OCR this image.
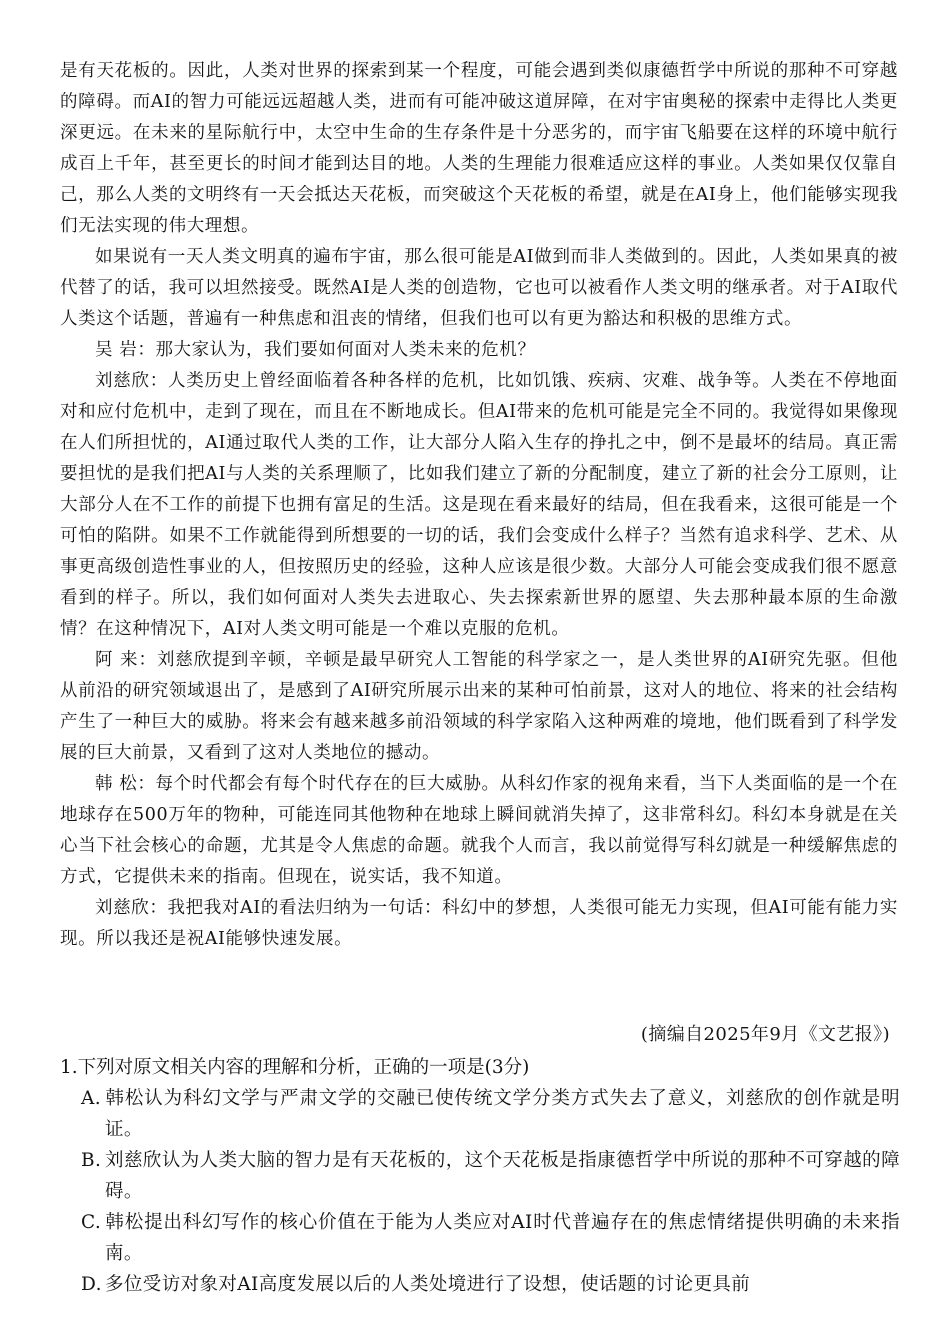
是有天花板的。因此，人类对世界的探索到某一个程度，可能会遇到类似康德哲学中所说的那种不可穿越的障碍。而AI的智力可能远远超越人类，进而有可能冲破这道屏障，在对宇宙奥秘的探索中走得比人类更深更远。在未来的星际航行中，太空中生命的生存条件是十分恶劣的，而宇宙飞船要在这样的环境中航行成百上千年，甚至更长的时间才能到达目的地。人类的生理能力很难适应这样的事业。人类如果仅仅靠自己，那么人类的文明终有一天会抵达天花板，而突破这个天花板的希望，就是在AI身上，他们能够实现我们无法实现的伟大理想。

如果说有一天人类文明真的遍布宇宙，那么很可能是AI做到而非人类做到的。因此，人类如果真的被代替了的话，我可以坦然接受。既然AI是人类的创造物，它也可以被看作人类文明的继承者。对于AI取代人类这个话题，普遍有一种焦虑和沮丧的情绪，但我们也可以有更为豁达和积极的思维方式。

吴 岩：那大家认为，我们要如何面对人类未来的危机？

刘慈欣：人类历史上曾经面临着各种各样的危机，比如饥饿、疾病、灾难、战争等。人类在不停地面对和应付危机中，走到了现在，而且在不断地成长。但AI带来的危机可能是完全不同的。我觉得如果像现在人们所担忧的，AI通过取代人类的工作，让大部分人陷入生存的挣扎之中，倒不是最坏的结局。真正需要担忧的是我们把AI与人类的关系理顺了，比如我们建立了新的分配制度，建立了新的社会分工原则，让大部分人在不工作的前提下也拥有富足的生活。这是现在看来最好的结局，但在我看来，这很可能是一个可怕的陷阱。如果不工作就能得到所想要的一切的话，我们会变成什么样子？当然有追求科学、艺术、从事更高级创造性事业的人，但按照历史的经验，这种人应该是很少数。大部分人可能会变成我们很不愿意看到的样子。所以，我们如何面对人类失去进取心、失去探索新世界的愿望、失去那种最本原的生命激情？在这种情况下，AI对人类文明可能是一个难以克服的危机。

阿 来：刘慈欣提到辛顿，辛顿是最早研究人工智能的科学家之一，是人类世界的AI研究先驱。但他从前沿的研究领域退出了，是感到了AI研究所展示出来的某种可怕前景，这对人的地位、将来的社会结构产生了一种巨大的威胁。将来会有越来越多前沿领域的科学家陷入这种两难的境地，他们既看到了科学发展的巨大前景，又看到了这对人类地位的撼动。

韩 松：每个时代都会有每个时代存在的巨大威胁。从科幻作家的视角来看，当下人类面临的是一个在地球存在500万年的物种，可能连同其他物种在地球上瞬间就消失掉了，这非常科幻。科幻本身就是在关心当下社会核心的命题，尤其是令人焦虑的命题。就我个人而言，我以前觉得写科幻就是一种缓解焦虑的方式，它提供未来的指南。但现在，说实话，我不知道。

刘慈欣：我把我对AI的看法归纳为一句话：科幻中的梦想，人类很可能无力实现，但AI可能有能力实现。所以我还是祝AI能够快速发展。

(摘编自2025年9月《文艺报》)

1.下列对原文相关内容的理解和分析，正确的一项是(3分)

A. 韩松认为科幻文学与严肃文学的交融已使传统文学分类方式失去了意义，刘慈欣的创作就是明证。

B. 刘慈欣认为人类大脑的智力是有天花板的，这个天花板是指康德哲学中所说的那种不可穿越的障碍。

C. 韩松提出科幻写作的核心价值在于能为人类应对AI时代普遍存在的焦虑情绪提供明确的未来指南。

D. 多位受访对象对AI高度发展以后的人类处境进行了设想，使话题的讨论更具前
